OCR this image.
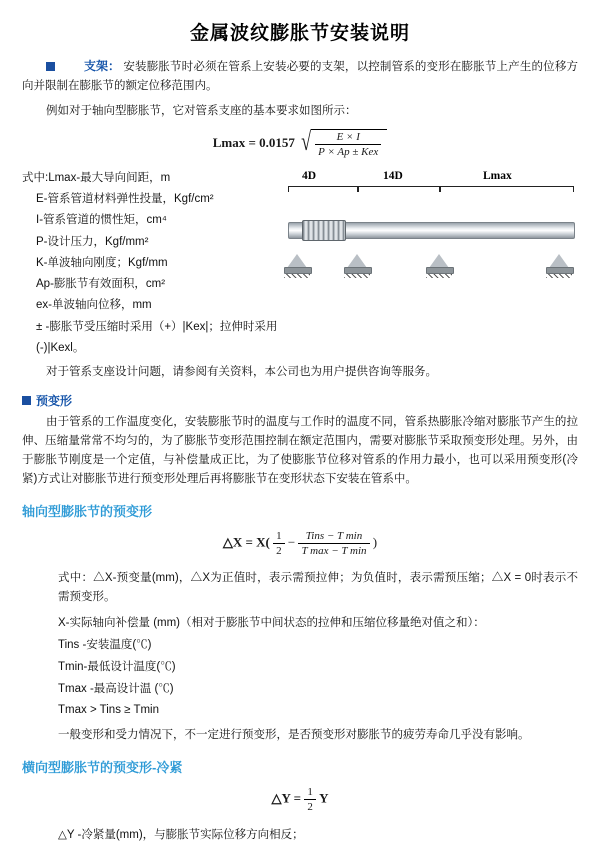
金属波纹膨胀节安装说明

支架： 安装膨胀节时必须在管系上安装必要的支架，以控制管系的变形在膨胀节上产生的位移方向并限制在膨胀节的额定位移范围内。

例如对于轴向型膨胀节，它对管系支座的基本要求如图所示：

Lmax = 0.0157 √ $\frac{E \times I}{\text{P × Ap ± Kex}}$
式中:Lmax-最大导向间距，m
E-管系管道材料弹性投量，Kgf/cm²
I-管系管道的惯性矩，cm⁴
P-设计压力，Kgf/mm²
K-单波轴向刚度；Kgf/mm
Ap-膨胀节有效面积，cm²
ex-单波轴向位移，mm
± -膨胀节受压缩时采用（+）|Kex|；拉伸时采用(-)|Kexl。
4D	14D	Lmax

对于管系支座设计问题，请参阅有关资料，本公司也为用户提供咨询等服务。

预变形

由于管系的工作温度变化，安装膨胀节时的温度与工作时的温度不同，管系热膨胀冷缩对膨胀节产生的拉伸、压缩量常常不均匀的，为了膨胀节变形范围控制在额定范围内，需要对膨胀节采取预变形处理。另外，由于膨胀节刚度是一个定值，与补偿量成正比，为了使膨胀节位移对管系的作用力最小，也可以采用预变形(冷紧)方式让对膨胀节进行预变形处理后再将膨胀节在变形状态下安装在管系中。

轴向型膨胀节的预变形
△X = $X( \frac{1}{2} - \frac{\text{Tins − T min}}{\text{T max − T min}}$ )

式中：△X-预变量(mm)，△X为正值时，表示需预拉伸；为负值时，表示需预压缩；△X = 0时表示不需预变形。

X-实际轴向补偿量 (mm)（相对于膨胀节中间状态的拉伸和压缩位移量绝对值之和）：
Tins -安装温度(℃)
Tmin-最低设计温度(℃)
Tmax -最高设计温 (℃)
Tmax > Tins ≥ Tmin

一般变形和受力情况下，不一定进行预变形，是否预变形对膨胀节的疲劳寿命几乎没有影响。

横向型膨胀节的预变形-冷紧
△Y = $\frac{1}{2}$ Y
△Y -冷紧量(mm)，与膨胀节实际位移方向相反；
